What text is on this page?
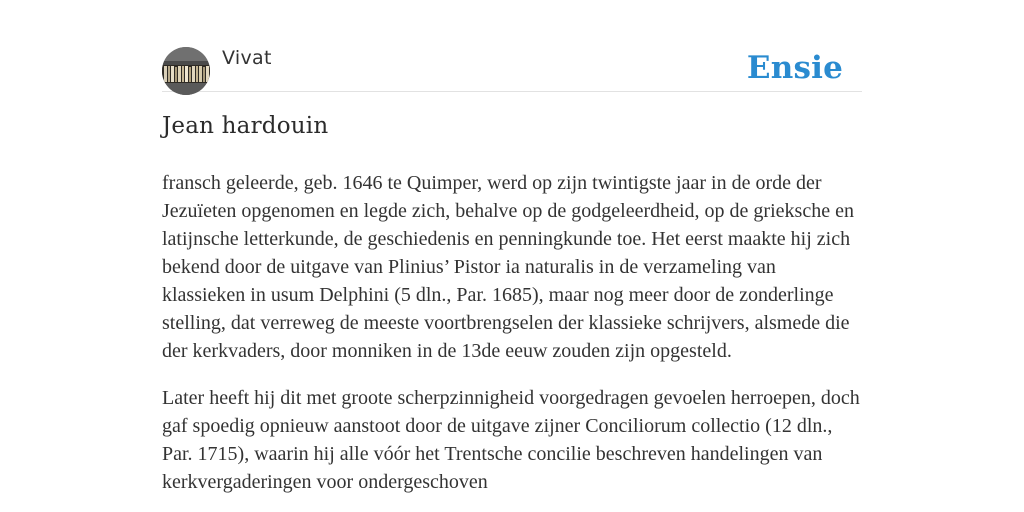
Vivat	Ensie
Jean hardouin

fransch geleerde, geb. 1646 te Quimper, werd op zijn twintigste jaar in de orde der Jezuïeten opgenomen en legde zich, behalve op de godgeleerdheid, op de grieksche en latijnsche letterkunde, de geschiedenis en penningkunde toe. Het eerst maakte hij zich bekend door de uitgave van Plinius’ Pistor ia naturalis in de verzameling van klassieken in usum Delphini (5 dln., Par. 1685), maar nog meer door de zonderlinge stelling, dat verreweg de meeste voortbrengselen der klassieke schrijvers, alsmede die der kerkvaders, door monniken in de 13de eeuw zouden zijn opgesteld.

Later heeft hij dit met groote scherpzinnigheid voorgedragen gevoelen herroepen, doch gaf spoedig opnieuw aanstoot door de uitgave zijner Conciliorum collectio (12 dln., Par. 1715), waarin hij alle vóór het Trentsche concilie beschreven handelingen van kerkvergaderingen voor ondergeschoven
